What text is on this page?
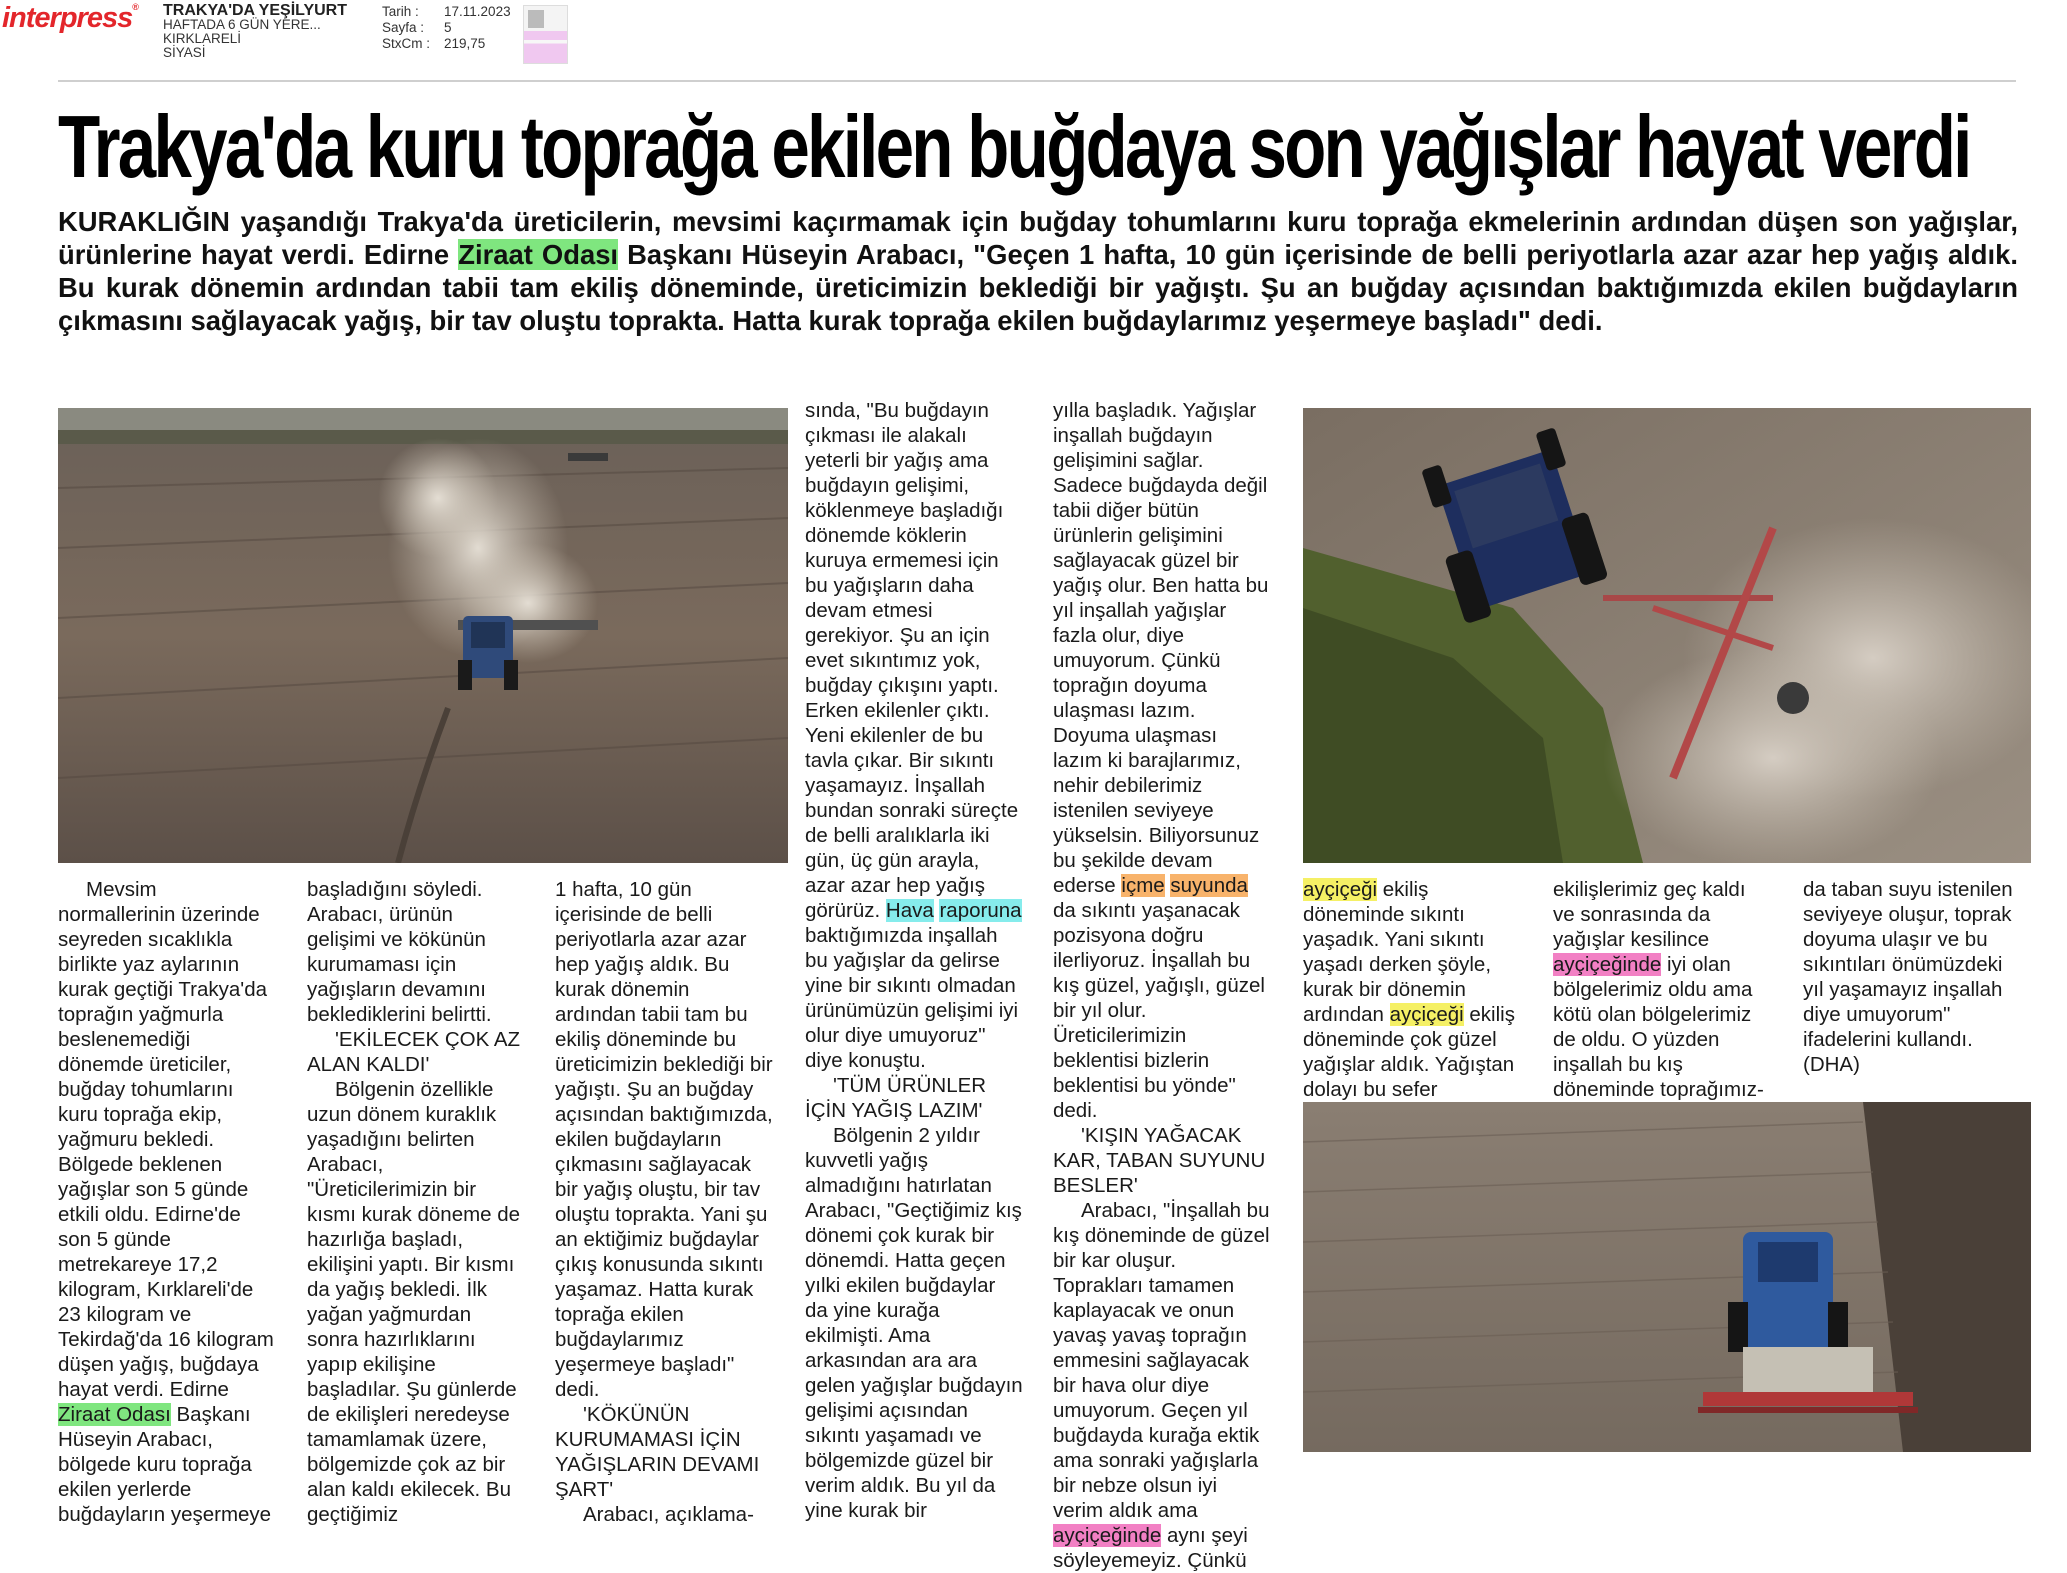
interpress® TRAKYA'DA YEŞİLYURT
HAFTADA 6 GÜN YERE...
KIRKLARELİ
SİYASİ
Tarih :	17.11.2023
Sayfa :	5
StxCm :	219,75
Trakya'da kuru toprağa ekilen buğdaya son yağışlar hayat verdi

KURAKLIĞIN yaşandığı Trakya'da üreticilerin, mevsimi kaçırmamak için buğday tohumlarını kuru toprağa ekmelerinin ardından düşen son yağışlar, ürünlerine hayat verdi. Edirne Ziraat Odası Başkanı Hüseyin Arabacı, "Geçen 1 hafta, 10 gün içerisinde de belli periyotlarla azar azar hep yağış aldık. Bu kurak dönemin ardından tabii tam ekiliş döneminde, üreticimizin beklediği bir yağıştı. Şu an buğday açısından baktığımızda ekilen buğdayların çıkmasını sağlayacak yağış, bir tav oluştu toprakta. Hatta kurak toprağa ekilen buğdaylarımız yeşermeye başladı" dedi.

Mevsim normallerinin üzerinde seyreden sıcaklıkla birlikte yaz aylarının kurak geçtiği Trakya'da toprağın yağmurla beslenemediği dönemde üreticiler, buğday tohumlarını kuru toprağa ekip, yağmuru bekledi. Bölgede beklenen yağışlar son 5 günde etkili oldu. Edirne'de son 5 günde metrekareye 17,2 kilogram, Kırklareli'de 23 kilogram ve Tekirdağ'da 16 kilogram düşen yağış, buğdaya hayat verdi. Edirne Ziraat Odası Başkanı Hüseyin Arabacı, bölgede kuru toprağa ekilen yerlerde buğdayların yeşermeye

başladığını söyledi. Arabacı, ürünün gelişimi ve kökünün kurumaması için yağışların devamını beklediklerini belirtti.

'EKİLECEK ÇOK AZ ALAN KALDI'

Bölgenin özellikle uzun dönem kuraklık yaşadığını belirten Arabacı, "Üreticilerimizin bir kısmı kurak döneme de hazırlığa başladı, ekilişini yaptı. Bir kısmı da yağış bekledi. İlk yağan yağmurdan sonra hazırlıklarını yapıp ekilişine başladılar. Şu günlerde de ekilişleri neredeyse tamamlamak üzere, bölgemizde çok az bir alan kaldı ekilecek. Bu geçtiğimiz

1 hafta, 10 gün içerisinde de belli periyotlarla azar azar hep yağış aldık. Bu kurak dönemin ardından tabii tam bu ekiliş döneminde bu üreticimizin beklediği bir yağıştı. Şu an buğday açısından baktığımızda, ekilen buğdayların çıkmasını sağlayacak bir yağış oluştu, bir tav oluştu toprakta. Yani şu an ektiğimiz buğdaylar çıkış konusunda sıkıntı yaşamaz. Hatta kurak toprağa ekilen buğdaylarımız yeşermeye başladı" dedi.

'KÖKÜNÜN KURUMAMASI İÇİN YAĞIŞLARIN DEVAMI ŞART'

Arabacı, açıklama-

sında, "Bu buğdayın çıkması ile alakalı yeterli bir yağış ama buğdayın gelişimi, köklenmeye başladığı dönemde köklerin kuruya ermemesi için bu yağışların daha devam etmesi gerekiyor. Şu an için evet sıkıntımız yok, buğday çıkışını yaptı. Erken ekilenler çıktı. Yeni ekilenler de bu tavla çıkar. Bir sıkıntı yaşamayız. İnşallah bundan sonraki süreçte de belli aralıklarla iki gün, üç gün arayla, azar azar hep yağış görürüz. Hava raporuna baktığımızda inşallah bu yağışlar da gelirse yine bir sıkıntı olmadan ürünümüzün gelişimi iyi olur diye umuyoruz" diye konuştu.

'TÜM ÜRÜNLER İÇİN YAĞIŞ LAZIM'

Bölgenin 2 yıldır kuvvetli yağış almadığını hatırlatan Arabacı, "Geçtiğimiz kış dönemi çok kurak bir dönemdi. Hatta geçen yılki ekilen buğdaylar da yine kurağa ekilmişti. Ama arkasından ara ara gelen yağışlar buğdayın gelişimi açısından sıkıntı yaşamadı ve bölgemizde güzel bir verim aldık. Bu yıl da yine kurak bir

yılla başladık. Yağışlar inşallah buğdayın gelişimini sağlar. Sadece buğdayda değil tabii diğer bütün ürünlerin gelişimini sağlayacak güzel bir yağış olur. Ben hatta bu yıl inşallah yağışlar fazla olur, diye umuyorum. Çünkü toprağın doyuma ulaşması lazım. Doyuma ulaşması lazım ki barajlarımız, nehir debilerimiz istenilen seviyeye yükselsin. Biliyorsunuz bu şekilde devam ederse içme suyunda da sıkıntı yaşanacak pozisyona doğru ilerliyoruz. İnşallah bu kış güzel, yağışlı, güzel bir yıl olur. Üreticilerimizin beklentisi bizlerin beklentisi bu yönde" dedi.

'KIŞIN YAĞACAK KAR, TABAN SUYUNU BESLER'

Arabacı, "İnşallah bu kış döneminde de güzel bir kar oluşur. Toprakları tamamen kaplayacak ve onun yavaş yavaş toprağın emmesini sağlayacak bir hava olur diye umuyorum. Geçen yıl buğdayda kurağa ektik ama sonraki yağışlarla bir nebze olsun iyi verim aldık ama ayçiçeğinde aynı şeyi söyleyemeyiz. Çünkü

ayçiçeği ekiliş döneminde sıkıntı yaşadık. Yani sıkıntı yaşadı derken şöyle, kurak bir dönemin ardından ayçiçeği ekiliş döneminde çok güzel yağışlar aldık. Yağıştan dolayı bu sefer

ekilişlerimiz geç kaldı ve sonrasında da yağışlar kesilince ayçiçeğinde iyi olan bölgelerimiz oldu ama kötü olan bölgelerimiz de oldu. O yüzden inşallah bu kış döneminde toprağımız-

da taban suyu istenilen seviyeye oluşur, toprak doyuma ulaşır ve bu sıkıntıları önümüzdeki yıl yaşamayız inşallah diye umuyorum" ifadelerini kullandı. (DHA)
